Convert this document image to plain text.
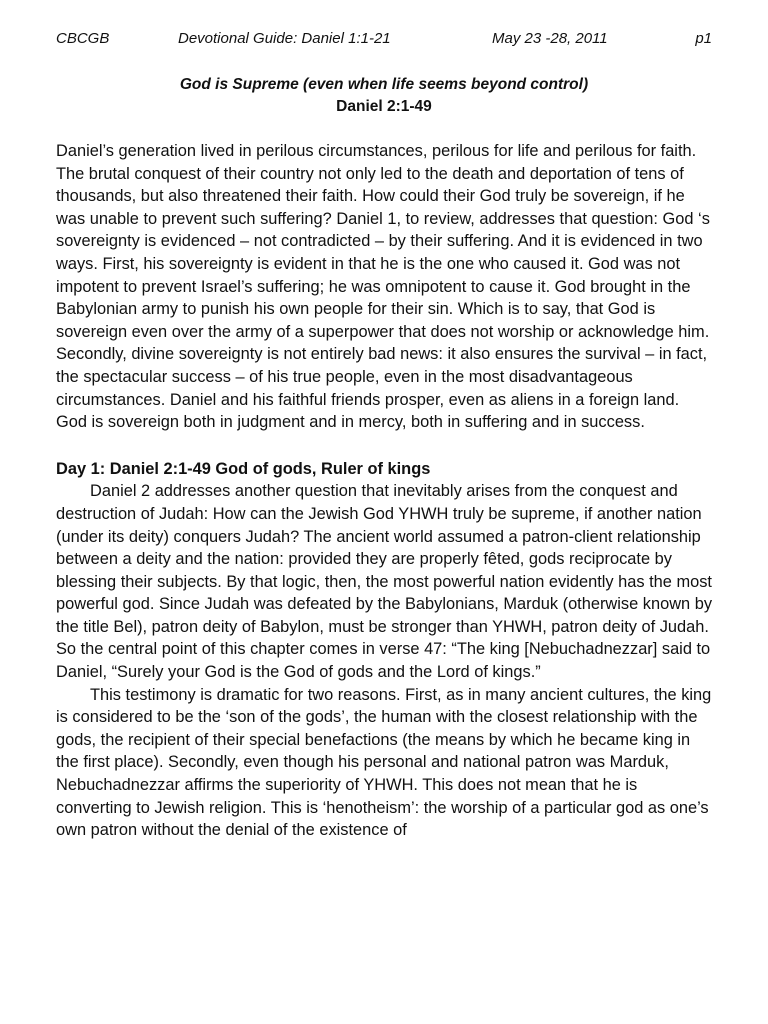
CBCGB	Devotional Guide: Daniel 1:1-21	May 23 -28, 2011	p1
God is Supreme (even when life seems beyond control)
Daniel 2:1-49

Daniel’s generation lived in perilous circumstances, perilous for life and perilous for faith. The brutal conquest of their country not only led to the death and deportation of tens of thousands, but also threatened their faith. How could their God truly be sovereign, if he was unable to prevent such suffering? Daniel 1, to review, addresses that question: God ‘s sovereignty is evidenced – not contradicted – by their suffering. And it is evidenced in two ways. First, his sovereignty is evident in that he is the one who caused it. God was not impotent to prevent Israel’s suffering; he was omnipotent to cause it. God brought in the Babylonian army to punish his own people for their sin. Which is to say, that God is sovereign even over the army of a superpower that does not worship or acknowledge him. Secondly, divine sovereignty is not entirely bad news: it also ensures the survival – in fact, the spectacular success – of his true people, even in the most disadvantageous circumstances. Daniel and his faithful friends prosper, even as aliens in a foreign land. God is sovereign both in judgment and in mercy, both in suffering and in success.

Day 1: Daniel 2:1-49 God of gods, Ruler of kings

Daniel 2 addresses another question that inevitably arises from the conquest and destruction of Judah: How can the Jewish God YHWH truly be supreme, if another nation (under its deity) conquers Judah? The ancient world assumed a patron-client relationship between a deity and the nation: provided they are properly fêted, gods reciprocate by blessing their subjects. By that logic, then, the most powerful nation evidently has the most powerful god. Since Judah was defeated by the Babylonians, Marduk (otherwise known by the title Bel), patron deity of Babylon, must be stronger than YHWH, patron deity of Judah. So the central point of this chapter comes in verse 47: “The king [Nebuchadnezzar] said to Daniel, “Surely your God is the God of gods and the Lord of kings.”

This testimony is dramatic for two reasons. First, as in many ancient cultures, the king is considered to be the ‘son of the gods’, the human with the closest relationship with the gods, the recipient of their special benefactions (the means by which he became king in the first place). Secondly, even though his personal and national patron was Marduk, Nebuchadnezzar affirms the superiority of YHWH. This does not mean that he is converting to Jewish religion. This is ‘henotheism’: the worship of a particular god as one’s own patron without the denial of the existence of
